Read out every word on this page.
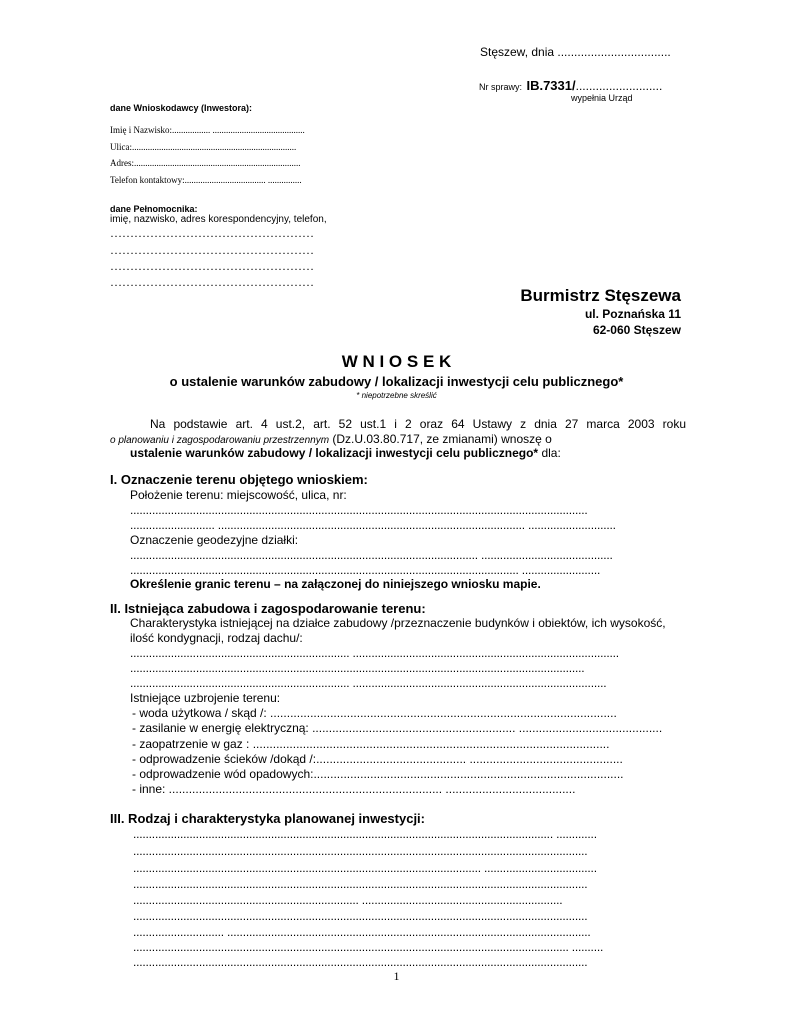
Stęszew, dnia ..................................
Nr sprawy: IB.7331/..........................
wypełnia Urząd
dane Wnioskodawcy (Inwestora):
Imię i Nazwisko:................. .........................................
Ulica:.........................................................................
Adres:..........................................................................
Telefon kontaktowy:.................................... ...............
dane Pełnomocnika:
imię, nazwisko, adres korespondencyjny, telefon,
……………………………………………
……………………………………………
……………………………………………
……………………………………………
Burmistrz Stęszewa
ul. Poznańska 11
62-060 Stęszew
W N I O S E K
o ustalenie warunków zabudowy / lokalizacji inwestycji celu publicznego*
* niepotrzebne skreślić
Na podstawie art. 4 ust.2, art. 52 ust.1 i 2 oraz 64 Ustawy z dnia 27 marca 2003 roku
o planowaniu i zagospodarowaniu przestrzennym (Dz.U.03.80.717, ze zmianami) wnoszę o
ustalenie warunków zabudowy / lokalizacji inwestycji celu publicznego* dla:
I. Oznaczenie terenu objętego wnioskiem:
Położenie terenu: miejscowość, ulica, nr:
..................................................................................................................................................
........................... .................................................................................................. ............................
Oznaczenie geodezyjne działki:
............................................................................................................... ..........................................
............................................................................................................................ .........................
Określenie granic terenu – na załączonej do niniejszego wniosku mapie.
II. Istniejąca zabudowa i zagospodarowanie terenu:
Charakterystyka istniejącej na działce zabudowy /przeznaczenie budynków i obiektów, ich wysokość,
ilość kondygnacji, rodzaj dachu/:
...................................................................... .....................................................................................
.................................................................................................................................................
...................................................................... .................................................................................
Istniejące uzbrojenie terenu:
- woda użytkowa / skąd /: ........................................................................................................
- zasilanie w energię elektryczną: ............................................................. ...........................................
- zaopatrzenie w gaz : ...........................................................................................................
- odprowadzenie ścieków /dokąd /:............................................. ..............................................
- odprowadzenie wód opadowych:.............................................................................................
- inne: .................................................................................. .......................................
III. Rodzaj i charakterystyka planowanej inwestycji:
...................................................................................................................................... .............
.................................................................................................................................................
............................................................................................................... ....................................
.................................................................................................................................................
........................................................................ ................................................................
.................................................................................................................................................
............................. ....................................................................................................................
........................................................................................................................................... ..........
.................................................................................................................................................
1
